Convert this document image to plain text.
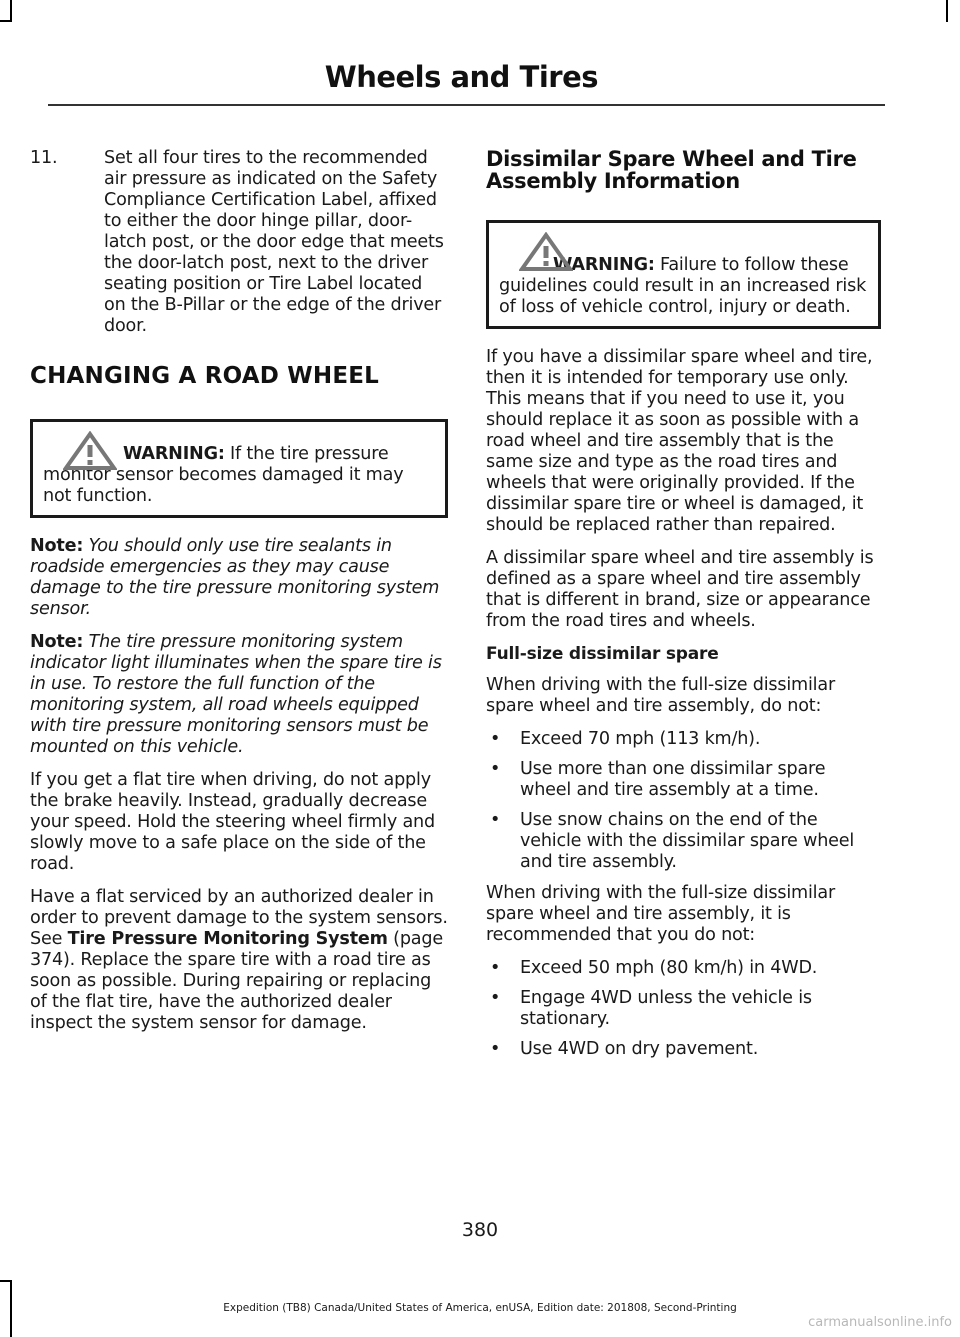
Wheels and Tires
11.	Set all four tires to the recommended air pressure as indicated on the Safety Compliance Certification Label, affixed to either the door hinge pillar, door-latch post, or the door edge that meets the door-latch post, next to the driver seating position or Tire Label located on the B-Pillar or the edge of the driver door.
CHANGING A ROAD WHEEL
WARNING: If the tire pressure monitor sensor becomes damaged it may not function.

Note: You should only use tire sealants in roadside emergencies as they may cause damage to the tire pressure monitoring system sensor.

Note: The tire pressure monitoring system indicator light illuminates when the spare tire is in use. To restore the full function of the monitoring system, all road wheels equipped with tire pressure monitoring sensors must be mounted on this vehicle.

If you get a flat tire when driving, do not apply the brake heavily. Instead, gradually decrease your speed. Hold the steering wheel firmly and slowly move to a safe place on the side of the road.

Have a flat serviced by an authorized dealer in order to prevent damage to the system sensors. See Tire Pressure Monitoring System (page 374). Replace the spare tire with a road tire as soon as possible. During repairing or replacing of the flat tire, have the authorized dealer inspect the system sensor for damage.

Dissimilar Spare Wheel and Tire Assembly Information
WARNING: Failure to follow these guidelines could result in an increased risk of loss of vehicle control, injury or death.

If you have a dissimilar spare wheel and tire, then it is intended for temporary use only. This means that if you need to use it, you should replace it as soon as possible with a road wheel and tire assembly that is the same size and type as the road tires and wheels that were originally provided. If the dissimilar spare tire or wheel is damaged, it should be replaced rather than repaired.

A dissimilar spare wheel and tire assembly is defined as a spare wheel and tire assembly that is different in brand, size or appearance from the road tires and wheels.

Full-size dissimilar spare

When driving with the full-size dissimilar spare wheel and tire assembly, do not:

• Exceed 70 mph (113 km/h).
• Use more than one dissimilar spare wheel and tire assembly at a time.
• Use snow chains on the end of the vehicle with the dissimilar spare wheel and tire assembly.

When driving with the full-size dissimilar spare wheel and tire assembly, it is recommended that you do not:

• Exceed 50 mph (80 km/h) in 4WD.
• Engage 4WD unless the vehicle is stationary.
• Use 4WD on dry pavement.
380
Expedition (TB8) Canada/United States of America, enUSA, Edition date: 201808, Second-Printing
carmanualsonline.info
